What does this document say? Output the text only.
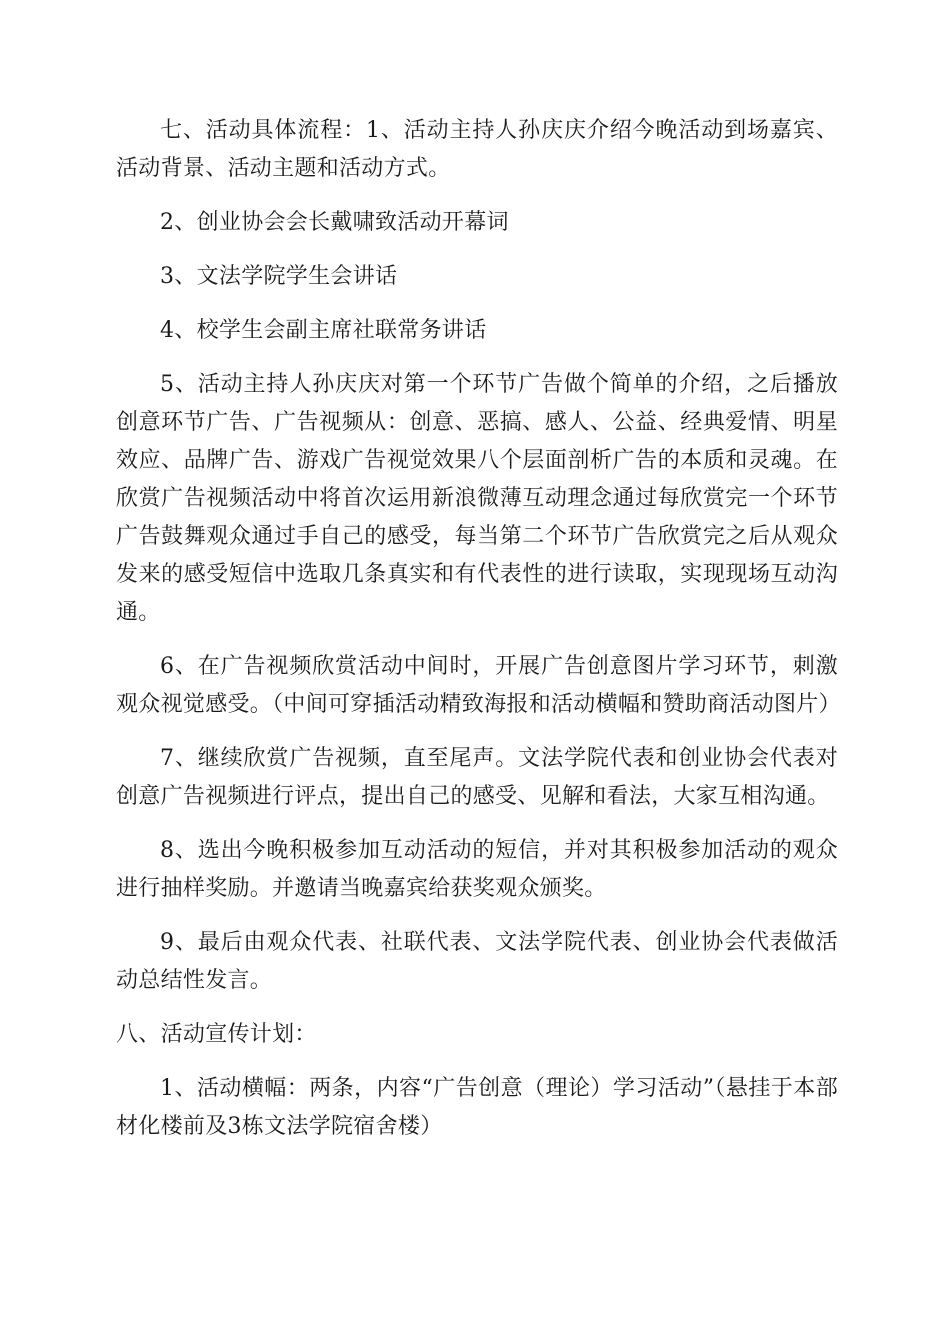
七、活动具体流程：1、活动主持人孙庆庆介绍今晚活动到场嘉宾、活动背景、活动主题和活动方式。

2、创业协会会长戴啸致活动开幕词

3、文法学院学生会讲话

4、校学生会副主席社联常务讲话

5、活动主持人孙庆庆对第一个环节广告做个简单的介绍，之后播放创意环节广告、广告视频从：创意、恶搞、感人、公益、经典爱情、明星效应、品牌广告、游戏广告视觉效果八个层面剖析广告的本质和灵魂。在欣赏广告视频活动中将首次运用新浪微薄互动理念通过每欣赏完一个环节广告鼓舞观众通过手自己的感受，每当第二个环节广告欣赏完之后从观众发来的感受短信中选取几条真实和有代表性的进行读取，实现现场互动沟通。

6、在广告视频欣赏活动中间时，开展广告创意图片学习环节，刺激观众视觉感受。（中间可穿插活动精致海报和活动横幅和赞助商活动图片）

7、继续欣赏广告视频，直至尾声。文法学院代表和创业协会代表对创意广告视频进行评点，提出自己的感受、见解和看法，大家互相沟通。

8、选出今晚积极参加互动活动的短信，并对其积极参加活动的观众进行抽样奖励。并邀请当晚嘉宾给获奖观众颁奖。

9、最后由观众代表、社联代表、文法学院代表、创业协会代表做活动总结性发言。

八、活动宣传计划：

1、活动横幅：两条，内容“广告创意（理论）学习活动”（悬挂于本部材化楼前及3栋文法学院宿舍楼）
